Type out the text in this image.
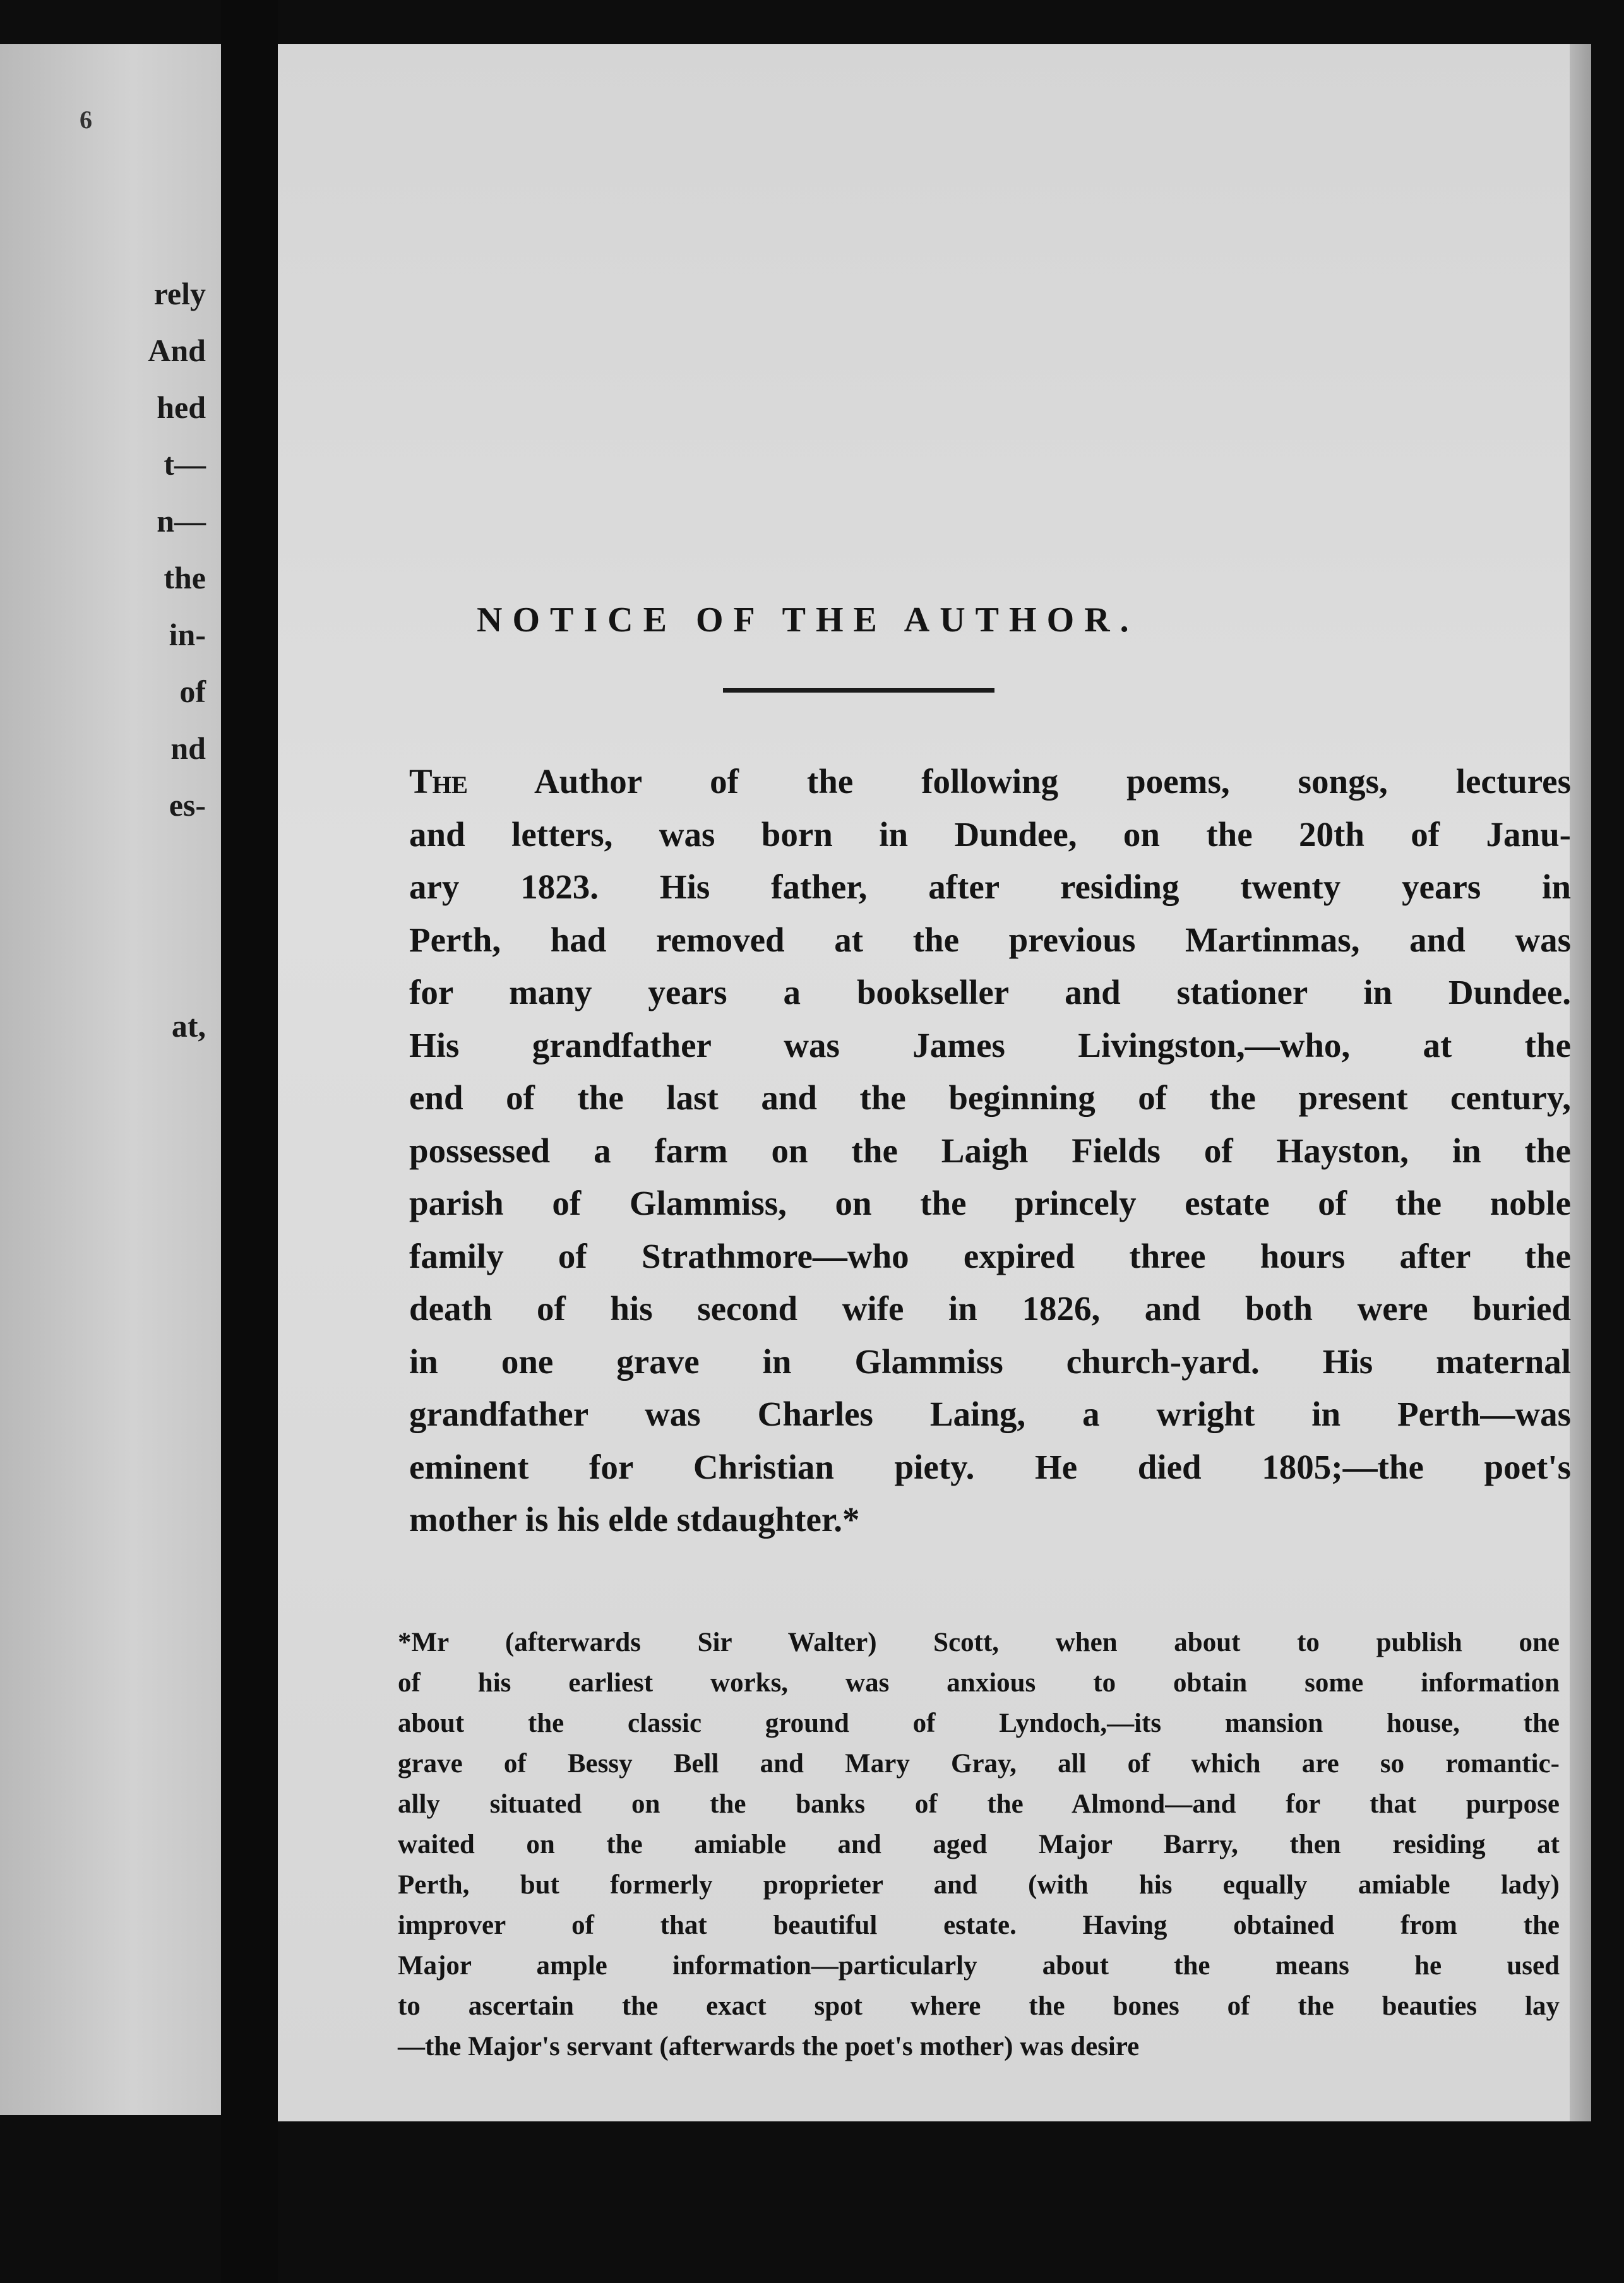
6
rely
And
hed
t—
n—
the
in-
of
nd
es-
at,
NOTICE OF THE AUTHOR.
The Author of the following poems, songs, lectures
and letters, was born in Dundee, on the 20th of Janu-
ary 1823. His father, after residing twenty years in
Perth, had removed at the previous Martinmas, and was
for many years a bookseller and stationer in Dundee.
His grandfather was James Livingston,—who, at the
end of the last and the beginning of the present century,
possessed a farm on the Laigh Fields of Hayston, in the
parish of Glammiss, on the princely estate of the noble
family of Strathmore—who expired three hours after the
death of his second wife in 1826, and both were buried
in one grave in Glammiss church-yard. His maternal
grandfather was Charles Laing, a wright in Perth—was
eminent for Christian piety. He died 1805;—the poet's
mother is his elde stdaughter.*
*Mr (afterwards Sir Walter) Scott, when about to publish one
of his earliest works, was anxious to obtain some information
about the classic ground of Lyndoch,—its mansion house, the
grave of Bessy Bell and Mary Gray, all of which are so romantic-
ally situated on the banks of the Almond—and for that purpose
waited on the amiable and aged Major Barry, then residing at
Perth, but formerly proprieter and (with his equally amiable lady)
improver of that beautiful estate. Having obtained from the
Major ample information—particularly about the means he used
to ascertain the exact spot where the bones of the beauties lay
—the Major's servant (afterwards the poet's mother) was desire
